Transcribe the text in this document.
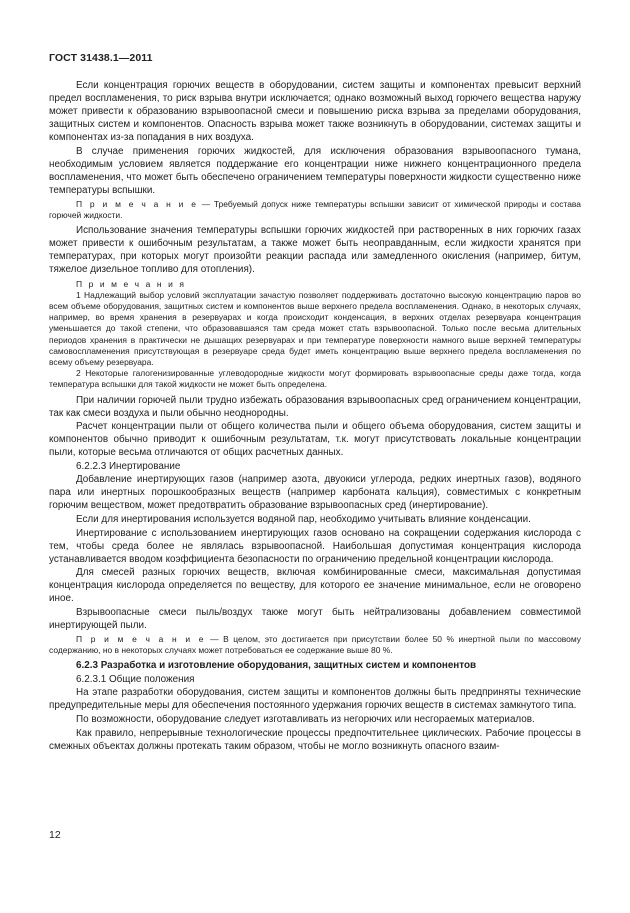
ГОСТ 31438.1—2011

Если концентрация горючих веществ в оборудовании, систем защиты и компонентах превысит верхний предел воспламенения, то риск взрыва внутри исключается; однако возможный выход горючего вещества наружу может привести к образованию взрывоопасной смеси и повышению риска взрыва за пределами оборудования, защитных систем и компонентов. Опасность взрыва может также возникнуть в оборудовании, системах защиты и компонентах из-за попадания в них воздуха.

В случае применения горючих жидкостей, для исключения образования взрывоопасного тумана, необходимым условием является поддержание его концентрации ниже нижнего концентрационного предела воспламенения, что может быть обеспечено ограничением температуры поверхности жидкости существенно ниже температуры вспышки.

П р и м е ч а н и е — Требуемый допуск ниже температуры вспышки зависит от химической природы и состава горючей жидкости.

Использование значения температуры вспышки горючих жидкостей при растворенных в них горючих газах может привести к ошибочным результатам, а также может быть неоправданным, если жидкости хранятся при температурах, при которых могут произойти реакции распада или замедленного окисления (например, битум, тяжелое дизельное топливо для отопления).

П р и м е ч а н и я

1 Надлежащий выбор условий эксплуатации зачастую позволяет поддерживать достаточно высокую концентрацию паров во всем объеме оборудования, защитных систем и компонентов выше верхнего предела воспламенения. Однако, в некоторых случаях, например, во время хранения в резервуарах и когда происходит конденсация, в верхних отделах резервуара концентрация уменьшается до такой степени, что образовавшаяся там среда может стать взрывоопасной. Только после весьма длительных периодов хранения в практически не дышащих резервуарах и при температуре поверхности намного выше верхней температуры самовоспламенения присутствующая в резервуаре среда будет иметь концентрацию выше верхнего предела воспламенения по всему объему резервуара.

2 Некоторые галогенизированные углеводородные жидкости могут формировать взрывоопасные среды даже тогда, когда температура вспышки для такой жидкости не может быть определена.

При наличии горючей пыли трудно избежать образования взрывоопасных сред ограничением концентрации, так как смеси воздуха и пыли обычно неоднородны.

Расчет концентрации пыли от общего количества пыли и общего объема оборудования, систем защиты и компонентов обычно приводит к ошибочным результатам, т.к. могут присутствовать локальные концентрации пыли, которые весьма отличаются от общих расчетных данных.

6.2.2.3 Инертирование

Добавление инертирующих газов (например азота, двуокиси углерода, редких инертных газов), водяного пара или инертных порошкообразных веществ (например карбоната кальция), совместимых с конкретным горючим веществом, может предотвратить образование взрывоопасных сред (инертирование).

Если для инертирования используется водяной пар, необходимо учитывать влияние конденсации.

Инертирование с использованием инертирующих газов основано на сокращении содержания кислорода с тем, чтобы среда более не являлась взрывоопасной. Наибольшая допустимая концентрация кислорода устанавливается вводом коэффициента безопасности по ограничению предельной концентрации кислорода.

Для смесей разных горючих веществ, включая комбинированные смеси, максимальная допустимая концентрация кислорода определяется по веществу, для которого ее значение минимальное, если не оговорено иное.

Взрывоопасные смеси пыль/воздух также могут быть нейтрализованы добавлением совместимой инертирующей пыли.

П р и м е ч а н и е — В целом, это достигается при присутствии более 50 % инертной пыли по массовому содержанию, но в некоторых случаях может потребоваться ее содержание выше 80 %.

6.2.3 Разработка и изготовление оборудования, защитных систем и компонентов

6.2.3.1 Общие положения

На этапе разработки оборудования, систем защиты и компонентов должны быть предприняты технические предупредительные меры для обеспечения постоянного удержания горючих веществ в системах замкнутого типа.

По возможности, оборудование следует изготавливать из негорючих или несгораемых материалов.

Как правило, непрерывные технологические процессы предпочтительнее циклических. Рабочие процессы в смежных объектах должны протекать таким образом, чтобы не могло возникнуть опасного взаим-

12
